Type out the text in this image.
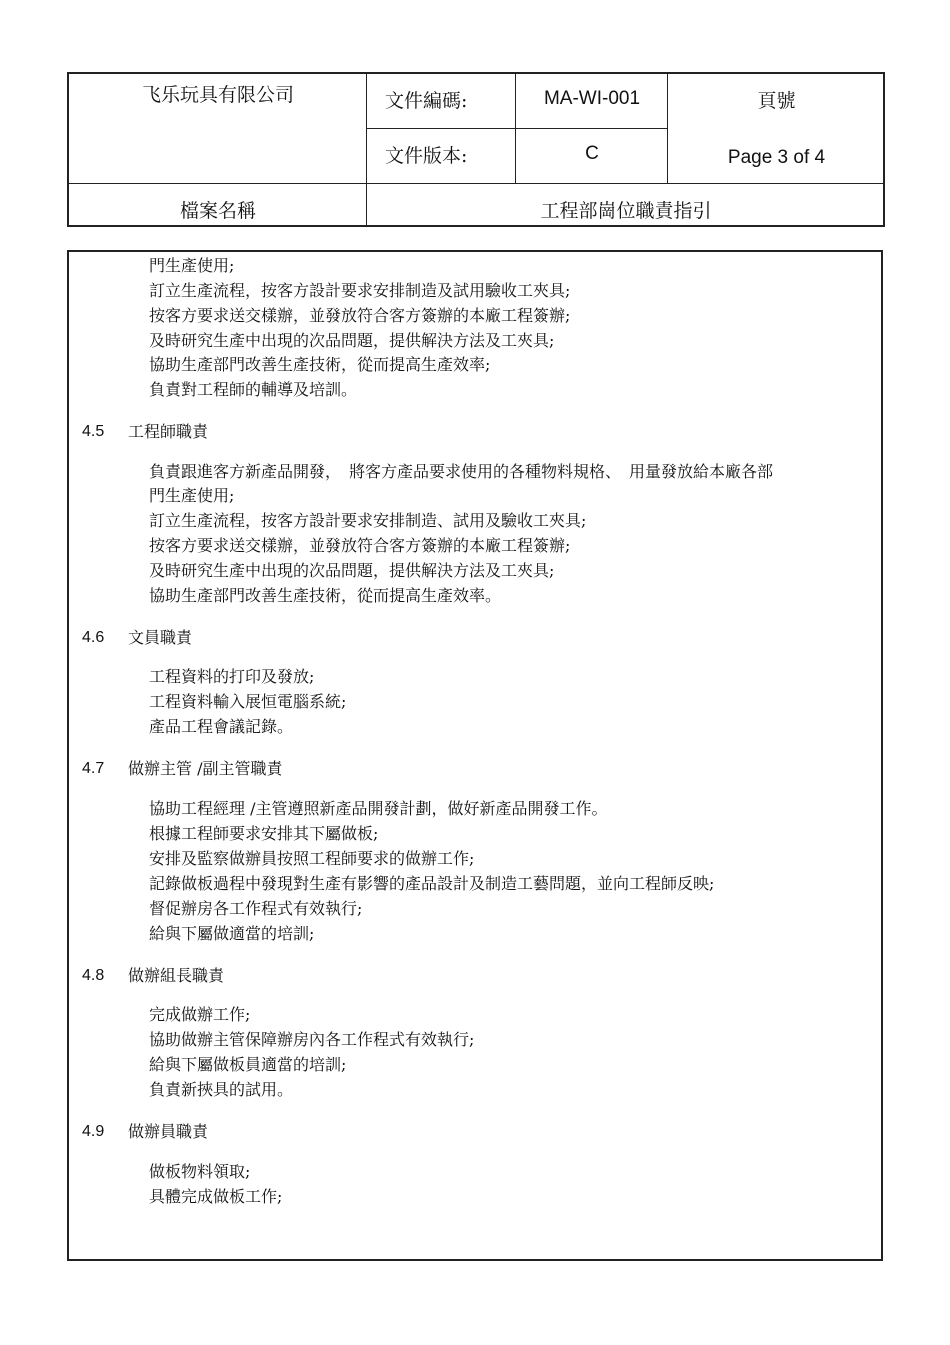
飞乐玩具有限公司	文件編碼:	MA-WI-001	頁號
文件版本:	C	Page 3 of 4
檔案名稱	工程部崗位職責指引
門生產使用;
訂立生產流程，按客方設計要求安排制造及試用驗收工夾具;
按客方要求送交樣辦，並發放符合客方簽辦的本廠工程簽辦;
及時研究生產中出現的次品問題，提供解決方法及工夾具;
協助生產部門改善生產技術，從而提高生產效率;
負責對工程師的輔導及培訓。
4.5 工程師職責
負責跟進客方新產品開發，　將客方產品要求使用的各種物料規格、　用量發放給本廠各部
門生產使用;
訂立生產流程，按客方設計要求安排制造、試用及驗收工夾具;
按客方要求送交樣辦，並發放符合客方簽辦的本廠工程簽辦;
及時研究生產中出現的次品問題，提供解決方法及工夾具;
協助生產部門改善生產技術，從而提高生產效率。
4.6 文員職責
工程資料的打印及發放;
工程資料輸入展恒電腦系統;
產品工程會議記錄。
4.7 做辦主管 /副主管職責
協助工程經理 /主管遵照新產品開發計劃，做好新產品開發工作。
根據工程師要求安排其下屬做板;
安排及監察做辦員按照工程師要求的做辦工作;
記錄做板過程中發現對生產有影響的產品設計及制造工藝問題，並向工程師反映;
督促辦房各工作程式有效執行;
給與下屬做適當的培訓;
4.8 做辦組長職責
完成做辦工作;
協助做辦主管保障辦房內各工作程式有效執行;
給與下屬做板員適當的培訓;
負責新挾具的試用。
4.9 做辦員職責
做板物料領取;
具體完成做板工作;
